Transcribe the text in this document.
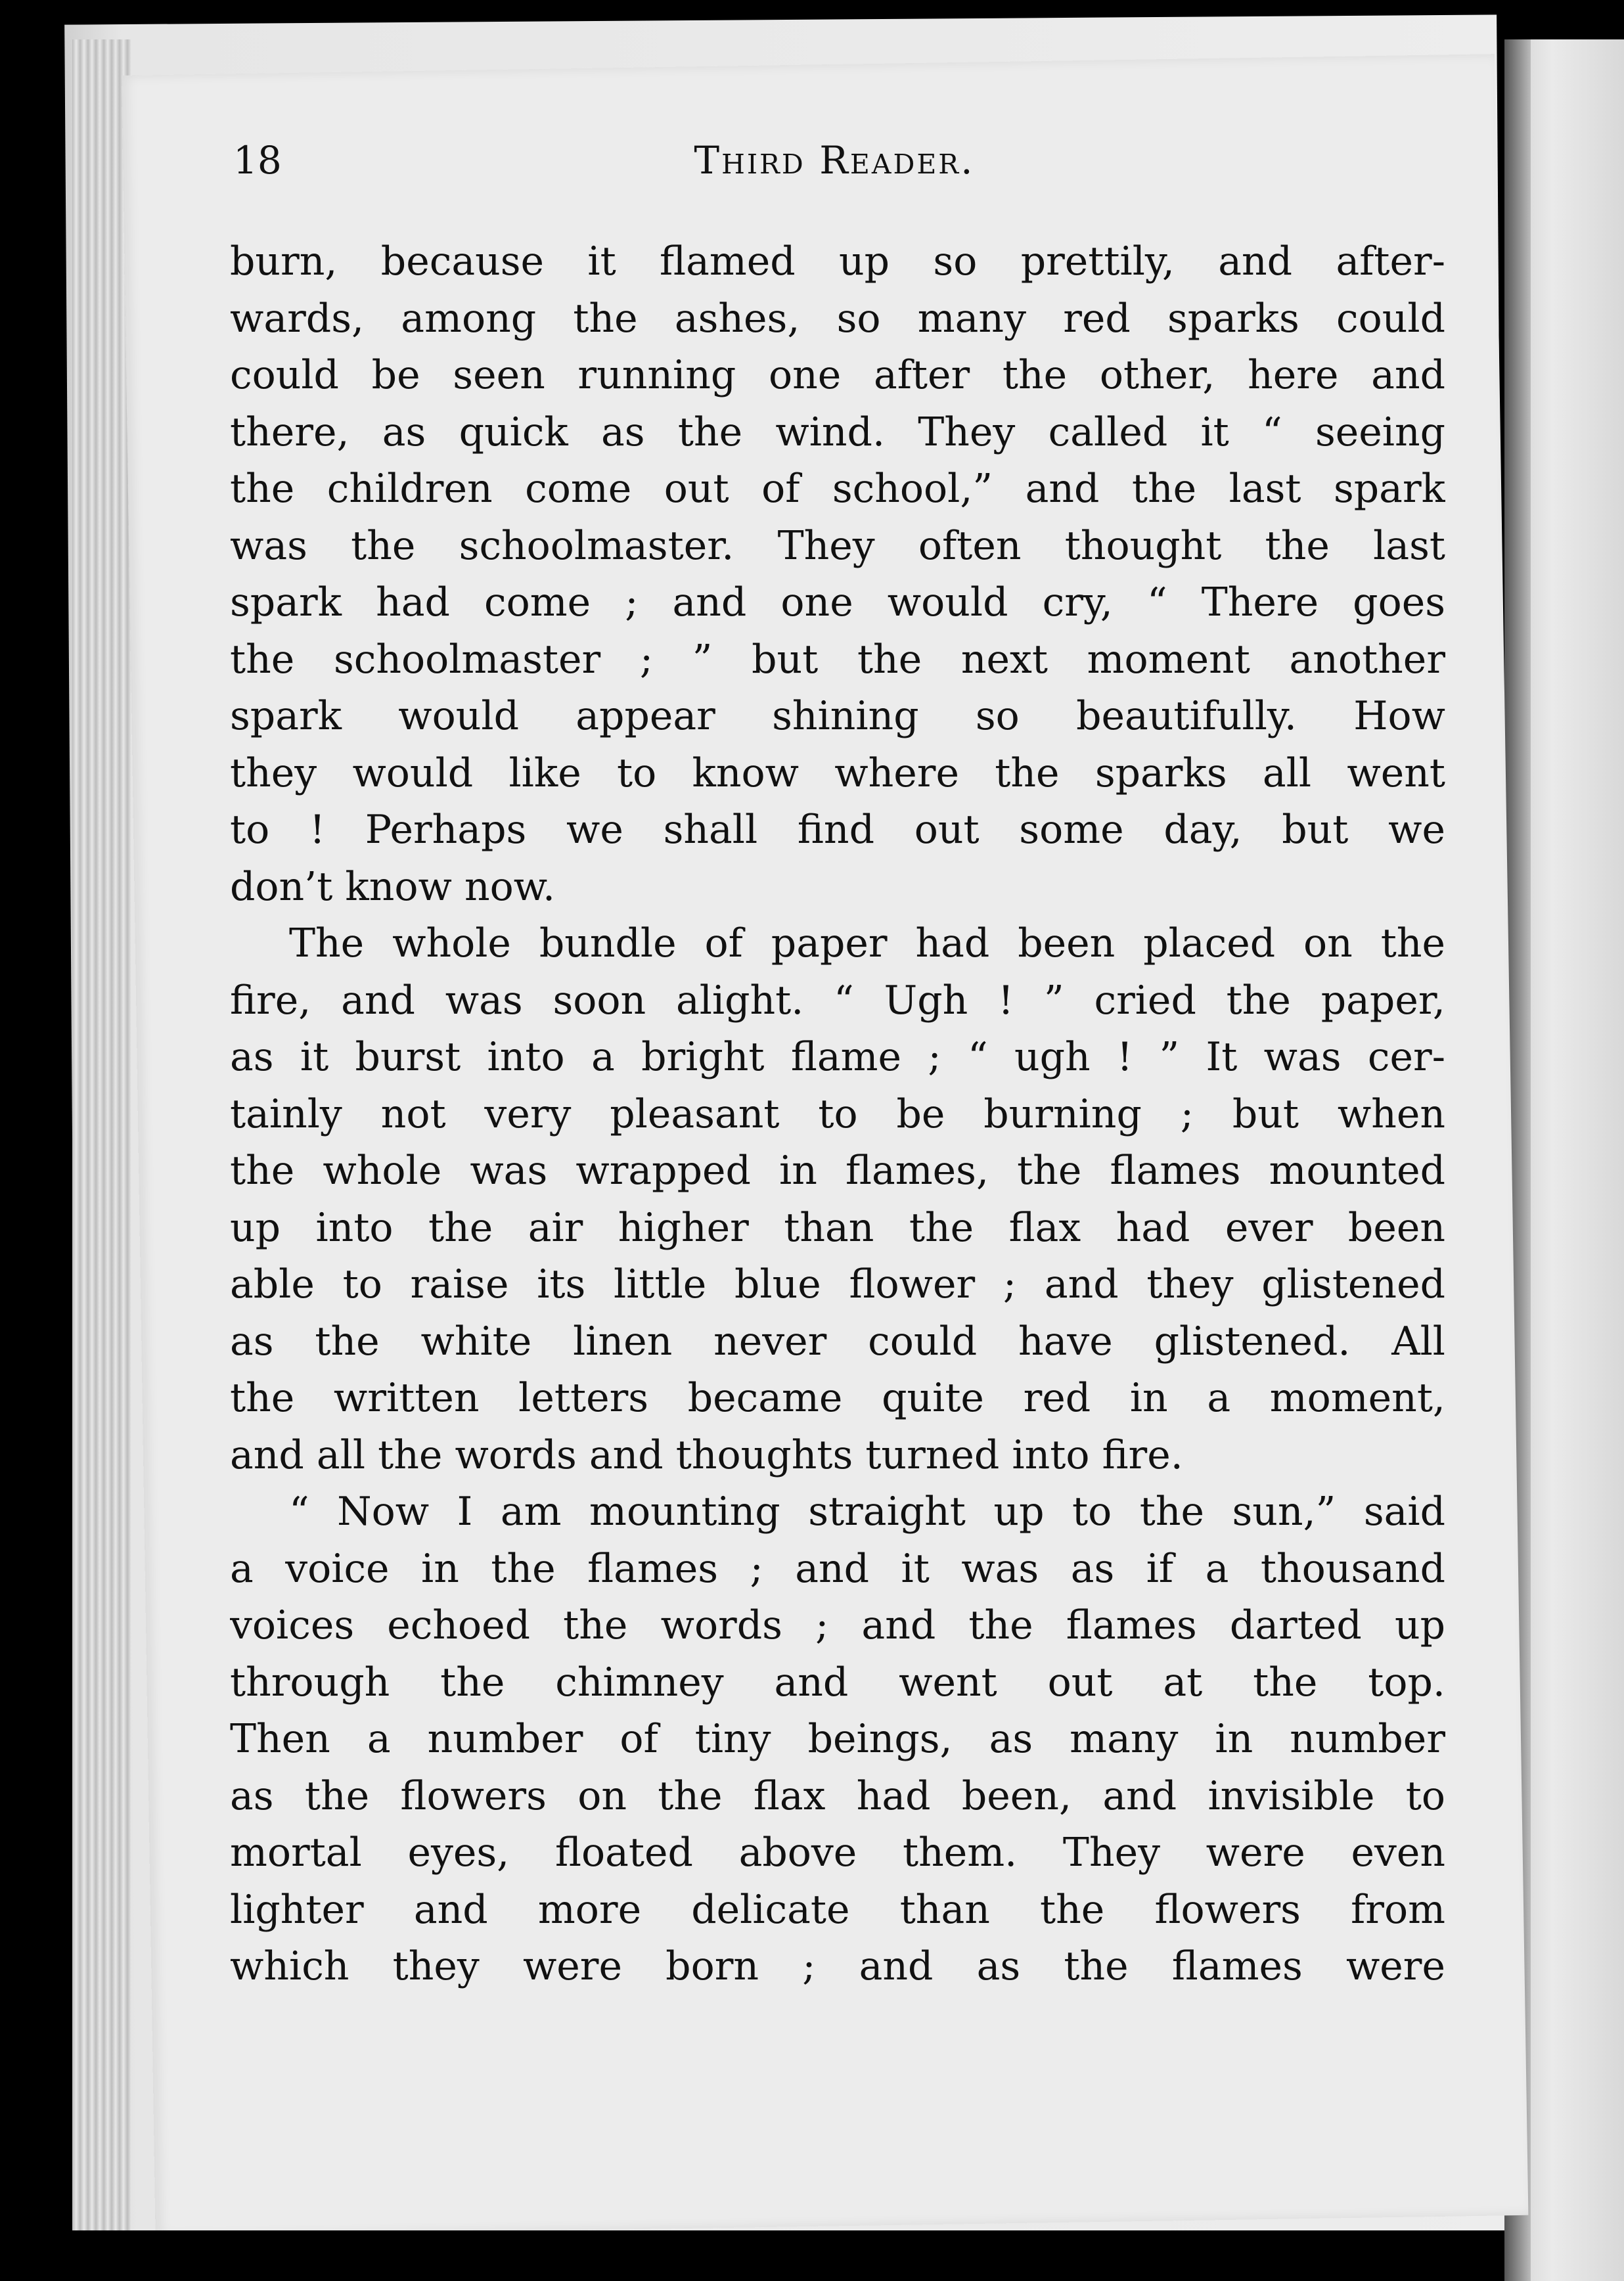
18	Third Reader.
burn, because it flamed up so prettily, and after-
wards, among the ashes, so many red sparks could
could be seen running one after the other, here and
there, as quick as the wind. They called it “ seeing
the children come out of school,” and the last spark
was the schoolmaster. They often thought the last
spark had come ; and one would cry, “ There goes
the schoolmaster ; ” but the next moment another
spark would appear shining so beautifully. How
they would like to know where the sparks all went
to ! Perhaps we shall find out some day, but we
don’t know now.
The whole bundle of paper had been placed on the
fire, and was soon alight. “ Ugh ! ” cried the paper,
as it burst into a bright flame ; “ ugh ! ” It was cer-
tainly not very pleasant to be burning ; but when
the whole was wrapped in flames, the flames mounted
up into the air higher than the flax had ever been
able to raise its little blue flower ; and they glistened
as the white linen never could have glistened. All
the written letters became quite red in a moment,
and all the words and thoughts turned into fire.
“ Now I am mounting straight up to the sun,” said
a voice in the flames ; and it was as if a thousand
voices echoed the words ; and the flames darted up
through the chimney and went out at the top.
Then a number of tiny beings, as many in number
as the flowers on the flax had been, and invisible to
mortal eyes, floated above them. They were even
lighter and more delicate than the flowers from
which they were born ; and as the flames were
